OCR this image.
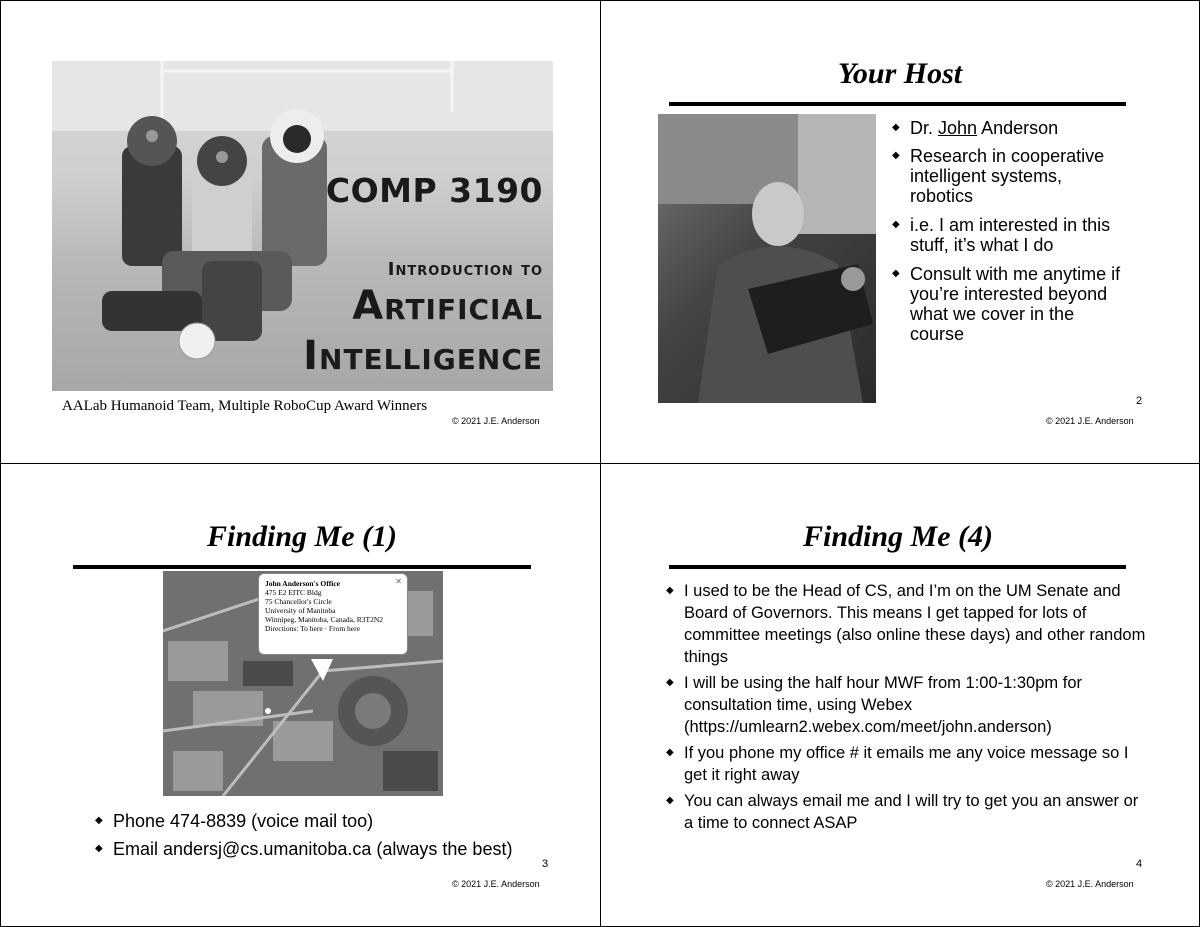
COMP 3190
Introduction to
Artificial
Intelligence
AALab Humanoid Team, Multiple RoboCup Award Winners
© 2021 J.E. Anderson
Your Host
◆ Dr. John Anderson
◆ Research in cooperative intelligent systems, robotics
◆ i.e. I am interested in this stuff, it’s what I do
◆ Consult with me anytime if you’re interested beyond what we cover in the course
2
© 2021 J.E. Anderson
Finding Me (1)
John Anderson's Office
475 E2 EITC Bldg
75 Chancellor's Circle
University of Manitoba
Winnipeg, Manitoba, Canada, R3T2N2
Directions: To here · From here
✕
◆ Phone 474-8839 (voice mail too)
◆ Email andersj@cs.umanitoba.ca (always the best)
3
© 2021 J.E. Anderson
Finding Me (4)
◆ I used to be the Head of CS, and I’m on the UM Senate and Board of Governors. This means I get tapped for lots of committee meetings (also online these days) and other random things
◆ I will be using the half hour MWF from 1:00-1:30pm for consultation time, using Webex (https://umlearn2.webex.com/meet/john.anderson)
◆ If you phone my office # it emails me any voice message so I get it right away
◆ You can always email me and I will try to get you an answer or a time to connect ASAP
4
© 2021 J.E. Anderson
